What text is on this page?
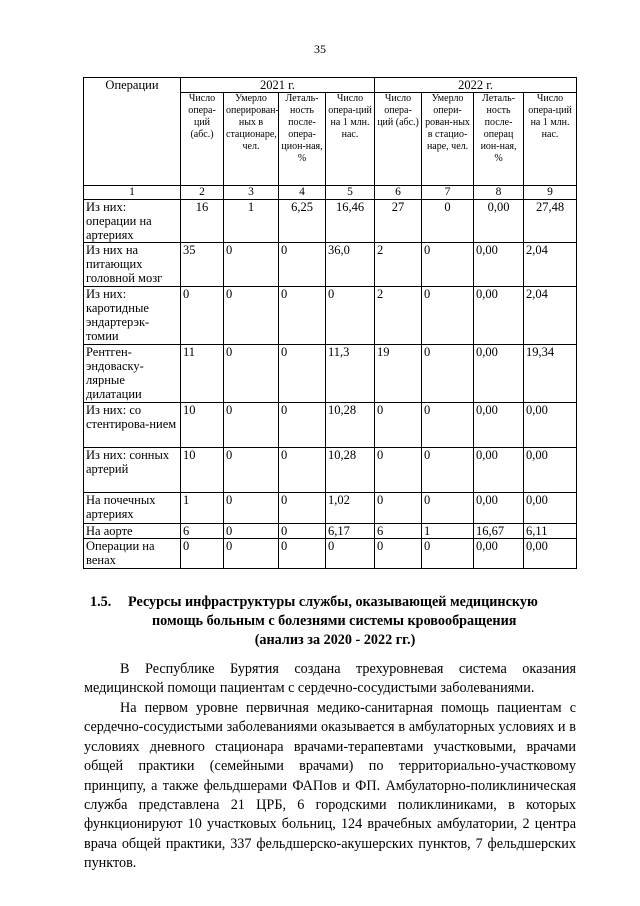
35
Операции	2021 г.				2022 г.			
	Число опера-ций (абс.)	Умерло оперирован-ных в стационаре, чел.	Леталь-ность после-опера-цион-ная, %	Число опера-ций на 1 млн. нас.	Число опера-ций (абс.)	Умерло опери-рован-ных в стацио-наре, чел.	Леталь-ность после-операц ион-ная, %	Число опера-ций на 1 млн. нас.
1	2	3	4	5	6	7	8	9
Из них: операции на артериях	16	1	6,25	16,46	27	0	0,00	27,48
Из них на питающих головной мозг	35	0	0	36,0	2	0	0,00	2,04
Из них: каротидные эндартерэк-томии	0	0	0	0	2	0	0,00	2,04
Рентген-эндоваску-лярные дилатации	11	0	0	11,3	19	0	0,00	19,34
Из них: со стентирова-нием	10	0	0	10,28	0	0	0,00	0,00
Из них: сонных артерий	10	0	0	10,28	0	0	0,00	0,00
На почечных артериях	1	0	0	1,02	0	0	0,00	0,00
На аорте	6	0	0	6,17	6	1	16,67	6,11
Операции на венах	0	0	0	0	0	0	0,00	0,00
1.5. Ресурсы инфраструктуры службы, оказывающей медицинскую
помощь больным с болезнями системы кровообращения
(анализ за 2020 - 2022 гг.)

В Республике Бурятия создана трехуровневая система оказания медицинской помощи пациентам с сердечно-сосудистыми заболеваниями.

На первом уровне первичная медико-санитарная помощь пациентам с сердечно-сосудистыми заболеваниями оказывается в амбулаторных условиях и в условиях дневного стационара врачами-терапевтами участковыми, врачами общей практики (семейными врачами) по территориально-участковому принципу, а также фельдшерами ФАПов и ФП. Амбулаторно-поликлиническая служба представлена 21 ЦРБ, 6 городскими поликлиниками, в которых функционируют 10 участковых больниц, 124 врачебных амбулатории, 2 центра врача общей практики, 337 фельдшерско-акушерских пунктов, 7 фельдшерских пунктов.
